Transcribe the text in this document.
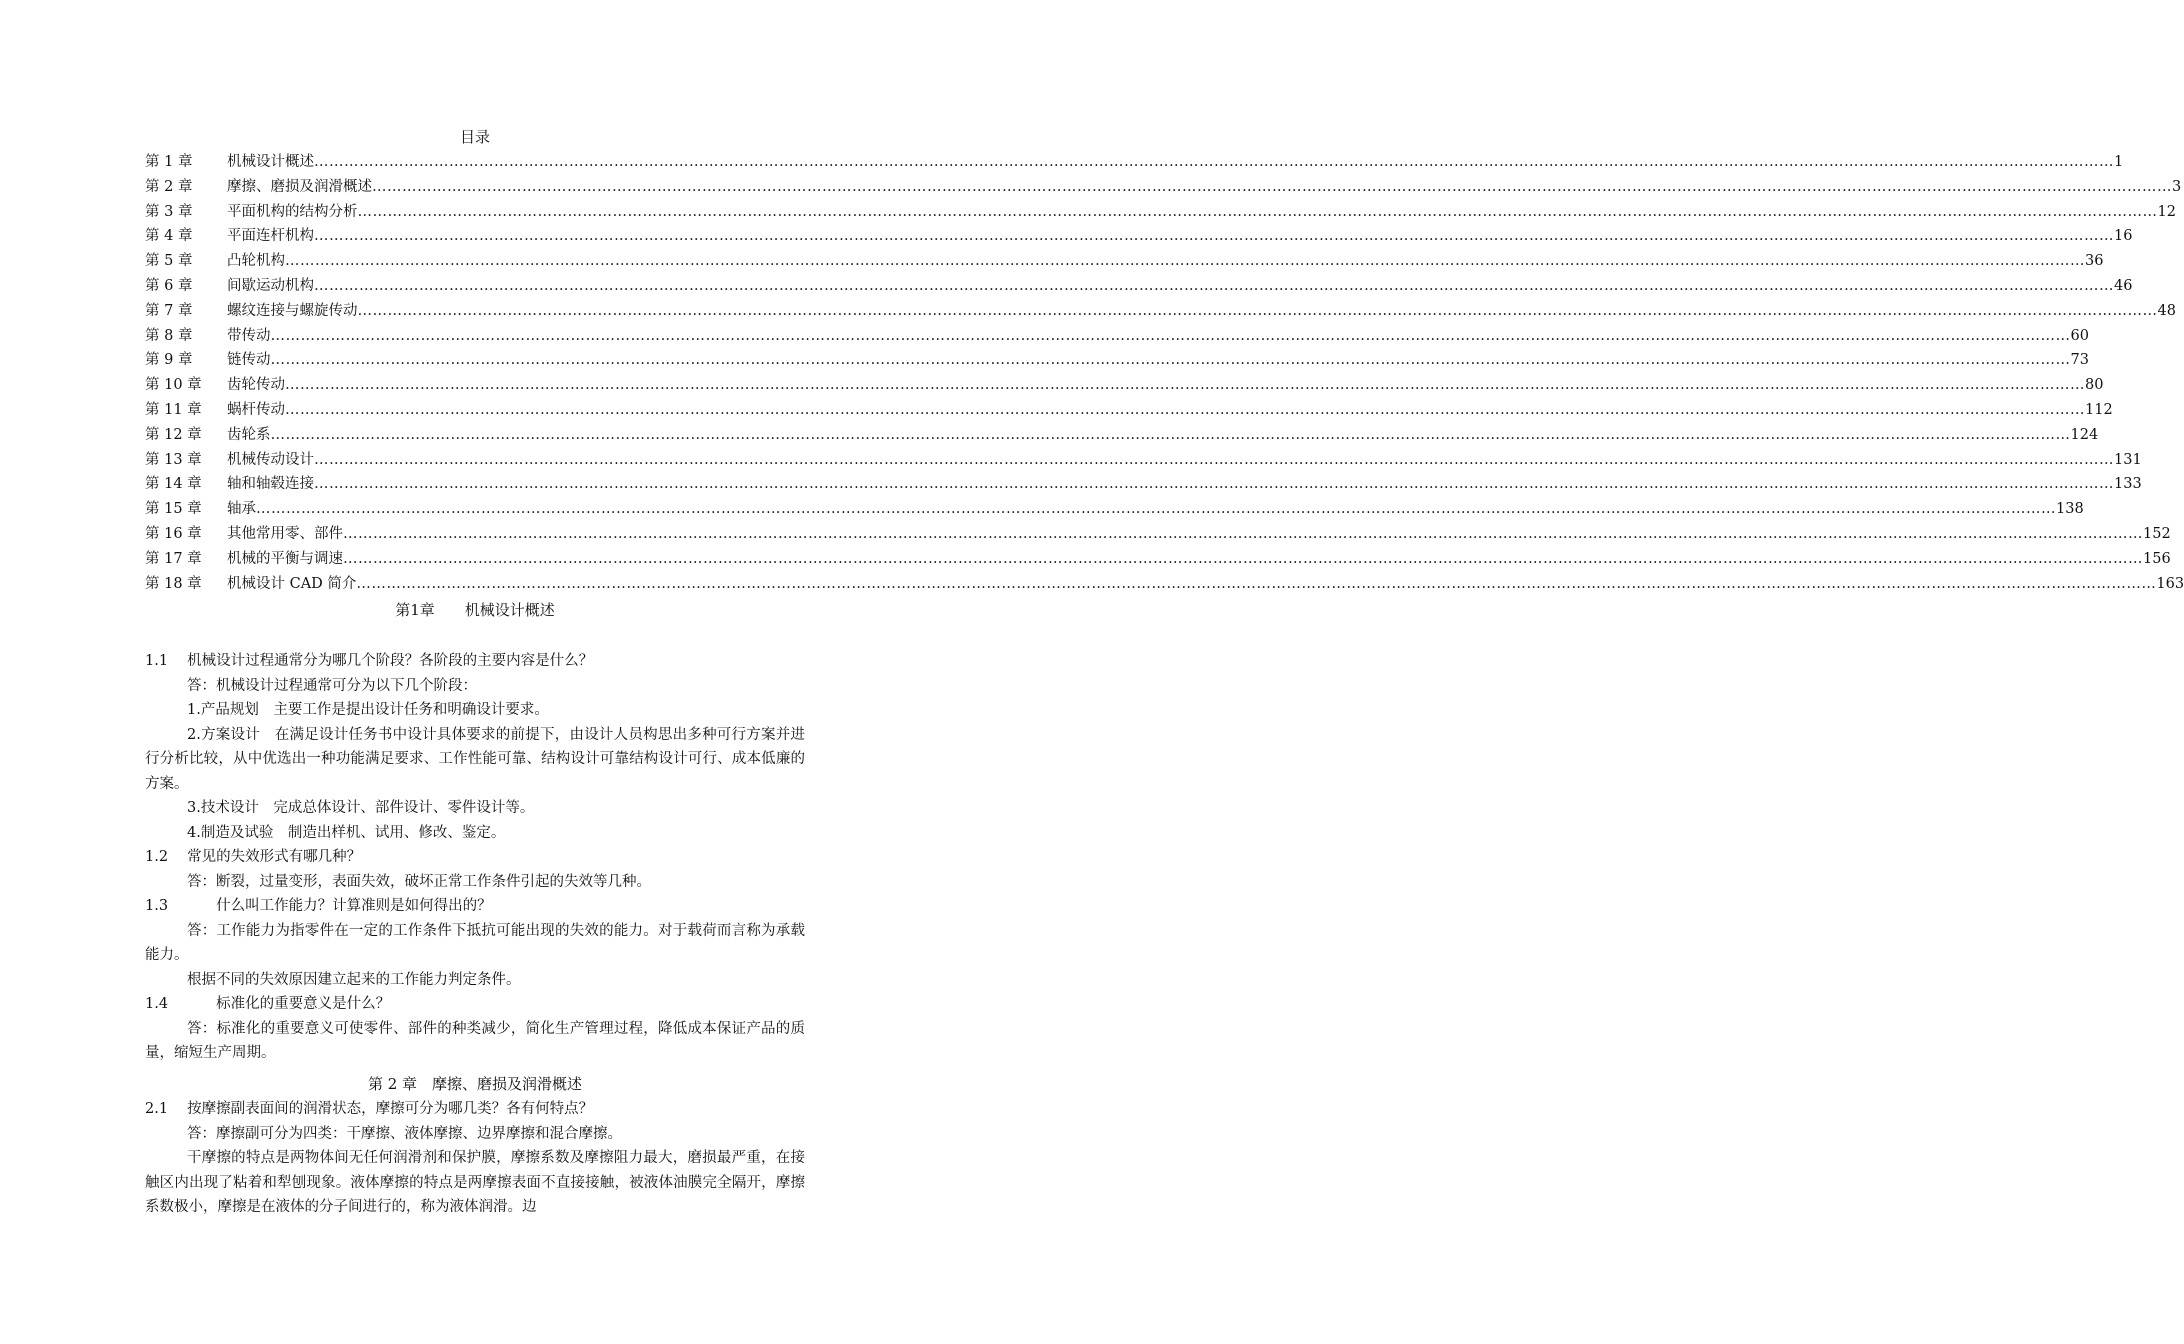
目录
第 1 章	机械设计概述 ……………………………………………………………………………………………………………………………………………………………………………………………………………………………………………………………………………………………………………………………… 1
第 2 章	摩擦、磨损及润滑概述 ……………………………………………………………………………………………………………………………………………………………………………………………………………………………………………………………………………………………………………………………… 3
第 3 章	平面机构的结构分析 ……………………………………………………………………………………………………………………………………………………………………………………………………………………………………………………………………………………………………………………………… 12
第 4 章	平面连杆机构 ……………………………………………………………………………………………………………………………………………………………………………………………………………………………………………………………………………………………………………………………… 16
第 5 章	凸轮机构 ……………………………………………………………………………………………………………………………………………………………………………………………………………………………………………………………………………………………………………………………… 36
第 6 章	间歇运动机构 ……………………………………………………………………………………………………………………………………………………………………………………………………………………………………………………………………………………………………………………………… 46
第 7 章	螺纹连接与螺旋传动 ……………………………………………………………………………………………………………………………………………………………………………………………………………………………………………………………………………………………………………………………… 48
第 8 章	带传动 ……………………………………………………………………………………………………………………………………………………………………………………………………………………………………………………………………………………………………………………………… 60
第 9 章	链传动 ……………………………………………………………………………………………………………………………………………………………………………………………………………………………………………………………………………………………………………………………… 73
第 10 章	齿轮传动 ……………………………………………………………………………………………………………………………………………………………………………………………………………………………………………………………………………………………………………………………… 80
第 11 章	蜗杆传动 ……………………………………………………………………………………………………………………………………………………………………………………………………………………………………………………………………………………………………………………………… 112
第 12 章	齿轮系 ……………………………………………………………………………………………………………………………………………………………………………………………………………………………………………………………………………………………………………………………… 124
第 13 章	机械传动设计 ……………………………………………………………………………………………………………………………………………………………………………………………………………………………………………………………………………………………………………………………… 131
第 14 章	轴和轴毂连接 ……………………………………………………………………………………………………………………………………………………………………………………………………………………………………………………………………………………………………………………………… 133
第 15 章	轴承 ……………………………………………………………………………………………………………………………………………………………………………………………………………………………………………………………………………………………………………………………… 138
第 16 章	其他常用零、部件 ……………………………………………………………………………………………………………………………………………………………………………………………………………………………………………………………………………………………………………………………… 152
第 17 章	机械的平衡与调速 ……………………………………………………………………………………………………………………………………………………………………………………………………………………………………………………………………………………………………………………………… 156
第 18 章	机械设计 CAD 简介 ……………………………………………………………………………………………………………………………………………………………………………………………………………………………………………………………………………………………………………………………… 163
第1章　　机械设计概述

1.1　 机械设计过程通常分为哪几个阶段？各阶段的主要内容是什么？

答：机械设计过程通常可分为以下几个阶段：

1.产品规划　主要工作是提出设计任务和明确设计要求。

2.方案设计　在满足设计任务书中设计具体要求的前提下，由设计人员构思出多种可行方案并进行分析比较，从中优选出一种功能满足要求、工作性能可靠、结构设计可靠结构设计可行、成本低廉的方案。

3.技术设计　完成总体设计、部件设计、零件设计等。

4.制造及试验　制造出样机、试用、修改、鉴定。

1.2　 常见的失效形式有哪几种？

答：断裂，过量变形，表面失效，破坏正常工作条件引起的失效等几种。

1.3　　　 什么叫工作能力？计算准则是如何得出的？

答：工作能力为指零件在一定的工作条件下抵抗可能出现的失效的能力。对于载荷而言称为承载能力。

根据不同的失效原因建立起来的工作能力判定条件。

1.4　　　 标准化的重要意义是什么？

答：标准化的重要意义可使零件、部件的种类减少，简化生产管理过程，降低成本保证产品的质量，缩短生产周期。

第 2 章　摩擦、磨损及润滑概述

2.1　 按摩擦副表面间的润滑状态，摩擦可分为哪几类？各有何特点？

答：摩擦副可分为四类：干摩擦、液体摩擦、边界摩擦和混合摩擦。

干摩擦的特点是两物体间无任何润滑剂和保护膜，摩擦系数及摩擦阻力最大，磨损最严重，在接触区内出现了粘着和犁刨现象。液体摩擦的特点是两摩擦表面不直接接触，被液体油膜完全隔开，摩擦系数极小，摩擦是在液体的分子间进行的，称为液体润滑。边
